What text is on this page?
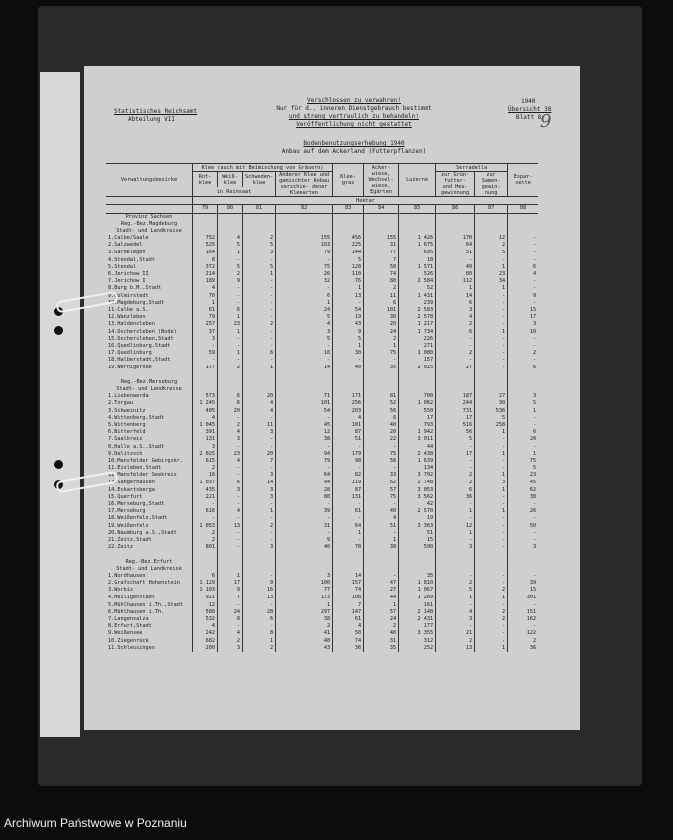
Statistisches Reichsamt
Abteilung VII
Verschlossen zu verwahren!
Nur für d.. inneren Dienstgebrauch bestimmt
und streng vertraulich zu behandeln!
Veröffentlichung nicht gestattet
1940
Übersicht 38
Blatt 8
9
Bodenbenutzungserhebung 1940
Anbau auf dem Ackerland (Futterpflanzen)
Verwaltungsbezirke	Klee (auch mit Beimischung von Gräsern)				Klee- gras	Acker- wiese, Wechsel- wiese, Egärten	Luzerne	Serradella		Espar- sette
	Rot- klee	Weiß- klee	Schweden- klee	Anderer Klee und gemischter Anbau verschie- dener Kleearten				zur Grün- futter- und Heu- gewinnung	zur Samen- gewin- nung	
	in Reinsaat									
	Hektar									
	79	80	81	82	83	84	85	86	87	88
Provinz Sachsen										
Reg.-Bez.Magdeburg										
Stadt- und Landkreise										
1.Calbe/Saale	752	4	2	155	456	155	1 426	170	12	-
2.Salzwedel	525	5	5	103	225	31	1 675	64	2	-
3.Gardelegen	164	1	3	79	144	77	695	51	5	-
4.Stendal,Stadt	8	-	-	-	5	7	18	-	-	-
5.Stendal	372	5	5	75	128	58	1 571	40	1	6
6.Jerichow II	214	2	1	26	110	74	526	80	23	4
7.Jerichow I	189	9	-	32	76	80	2 584	112	34	-
8.Burg b.M.,Stadt	4	-	-	-	1	2	52	1	1	-
9.Wolmirstedt	70	-	-	6	13	11	1 431	14	-	9
10.Magdeburg,Stadt	1	-	-	1	-	6	239	6	-	-
11.Calbe a.S.	61	6	-	24	54	101	2 583	3	-	15
12.Wanzleben	79	1	-	5	19	30	2 578	4	-	17
13.Haldensleben	257	23	2	4	43	20	1 217	2	-	3
14.Oschersleben (Bode)	37	1	-	3	9	24	1 734	6	1	10
15.Oschersleben,Stadt	3	-	-	5	5	2	226	-	-	-
16.Quedlinburg,Stadt	-	-	-	-	1	1	271	-	-	-
17.Quedlinburg	59	1	6	10	30	75	1 080	2	-	2
18.Halberstadt,Stadt	-	-	-	-	-	-	157	-	-	-
19.Wernigerode	177	2	1	14	40	35	2 025	27	-	6

Reg.-Bez.Merseburg										
Stadt- und Landkreise										
1.Liebenwerda	573	6	20	71	171	81	700	187	27	3
2.Torgau	1 245	6	4	101	256	52	1 062	244	30	5
3.Schweinitz	405	20	4	54	203	56	550	731	536	1
4.Wittenberg,Stadt	4	-	-	-	4	6	17	17	5	-
5.Wittenberg	1 045	2	11	45	101	40	793	516	258	-
6.Bitterfeld	391	4	3	12	87	20	1 942	56	1	6
7.Saalkreis	131	3	-	38	51	22	3 011	5	-	20
8.Halle a.S.,Stadt	3	-	-	-	-	-	44	-	-	-
9.Delitzsch	2 025	23	20	94	179	75	2 438	17	1	1
10.Mansfelder Gebirgskr.	615	4	7	79	98	56	1 639	-	-	75
11.Eisleben,Stadt	2	-	-	-	-	-	134	-	-	5
12.Mansfelder Seekreis	16	-	3	64	82	33	3 792	2	1	23
13.Sangerhausen	1 037	6	14	94	119	62	2 748	2	3	45
14.Eckartsberga	435	3	3	28	87	57	3 053	6	1	62
15.Querfurt	221	-	3	80	131	75	3 562	36	-	38
16.Merseburg,Stadt	-	-	-	-	-	-	42	-	-	-
17.Merseburg	616	4	1	39	61	40	2 570	1	1	26
18.Weißenfels,Stadt	-	-	-	-	-	4	19	-	-	-
19.Weißenfels	1 053	13	2	31	64	51	3 363	12	-	50
20.Naumburg a.S.,Stadt	2	-	-	-	1	-	51	1	-	-
21.Zeitz,Stadt	2	-	-	9	-	1	15	-	-	-
22.Zeitz	801	-	3	40	78	38	500	3	-	3

Reg.-Bez.Erfurt										
Stadt- und Landkreise										
1.Nordhausen	6	1	-	3	14	-	35	-	-	-
2.Grafschaft Hohenstein	1 129	17	9	100	157	47	1 810	2	-	39
3.Worbis	1 103	9	16	77	74	27	1 067	5	2	15
4.Heiligenstadt	921	7	13	173	108	44	1 269	1	1	301
5.Mühlhausen i.Th.,Stadt	12	-	-	1	7	1	161	-	-	-
6.Mühlhausen i.Th.	588	24	28	297	147	57	2 148	4	2	151
7.Langensalza	532	8	6	38	61	24	2 431	3	2	162
8.Erfurt,Stadt	4	-	-	2	4	2	177	-	-	-
9.Weißensee	242	4	8	41	50	40	3 355	21	-	122
10.Ziegenrück	682	2	1	48	74	31	312	2	-	2
11.Schleusingen	200	3	2	43	36	35	252	13	1	36
Archiwum Państwowe w Poznaniu
